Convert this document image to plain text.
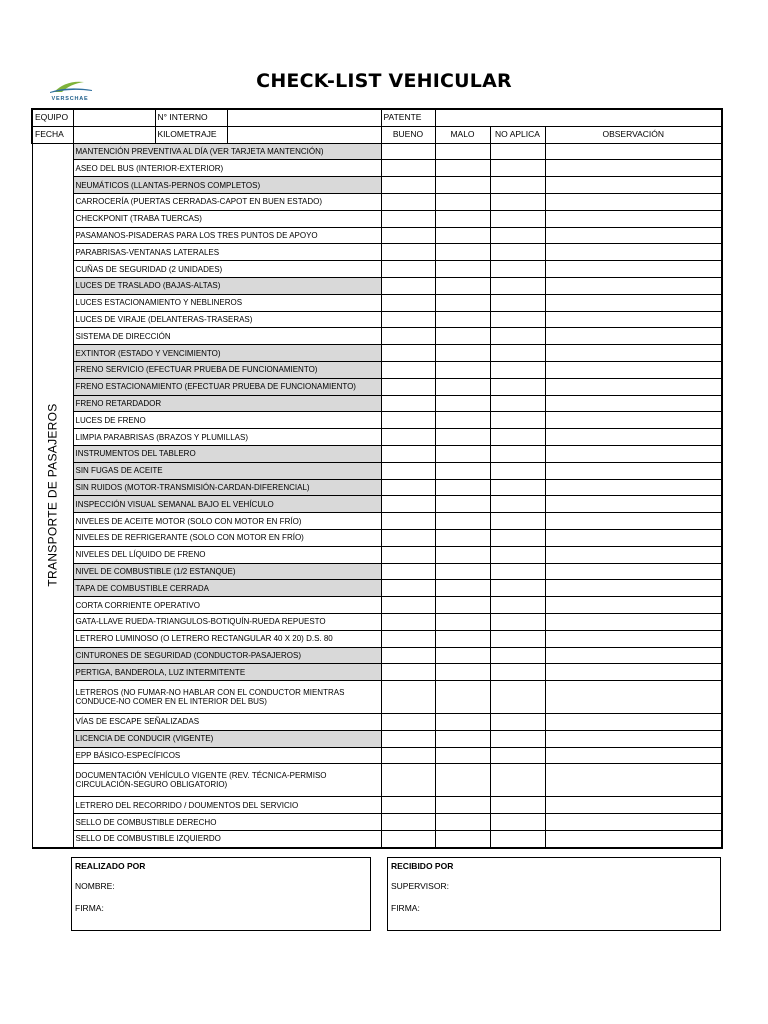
VERSCHAE
CHECK-LIST VEHICULAR
EQUIPO		N° INTERNO		PATENTE			
FECHA		KILOMETRAJE		BUENO	MALO	NO APLICA	OBSERVACIÓN

TRANSPORTE DE PASAJEROS	MANTENCIÓN PREVENTIVA AL DÍA (VER TARJETA MANTENCIÓN)						
	ASEO DEL BUS (INTERIOR-EXTERIOR)						
	NEUMÁTICOS (LLANTAS-PERNOS COMPLETOS)						
	CARROCERÍA (PUERTAS CERRADAS-CAPOT EN BUEN ESTADO)						
	CHECKPONIT (TRABA TUERCAS)						
	PASAMANOS-PISADERAS PARA LOS TRES PUNTOS DE APOYO						
	PARABRISAS-VENTANAS LATERALES						
	CUÑAS DE SEGURIDAD (2 UNIDADES)						
	LUCES DE TRASLADO (BAJAS-ALTAS)						
	LUCES ESTACIONAMIENTO Y NEBLINEROS						
	LUCES DE VIRAJE (DELANTERAS-TRASERAS)						
	SISTEMA DE DIRECCIÓN						
	EXTINTOR (ESTADO Y VENCIMIENTO)						
	FRENO SERVICIO (EFECTUAR PRUEBA DE FUNCIONAMIENTO)						
	FRENO ESTACIONAMIENTO (EFECTUAR PRUEBA DE FUNCIONAMIENTO)						
	FRENO RETARDADOR						
	LUCES DE FRENO						
	LIMPIA PARABRISAS (BRAZOS Y PLUMILLAS)						
	INSTRUMENTOS DEL TABLERO						
	SIN FUGAS DE ACEITE						
	SIN RUIDOS (MOTOR-TRANSMISIÓN-CARDAN-DIFERENCIAL)						
	INSPECCIÓN VISUAL SEMANAL BAJO EL VEHÍCULO						
	NIVELES DE ACEITE MOTOR (SOLO CON MOTOR EN FRÍO)						
	NIVELES DE REFRIGERANTE (SOLO CON MOTOR EN FRÍO)						
	NIVELES DEL LÍQUIDO DE FRENO						
	NIVEL DE COMBUSTIBLE (1/2 ESTANQUE)						
	TAPA DE COMBUSTIBLE CERRADA						
	CORTA CORRIENTE OPERATIVO						
	GATA-LLAVE RUEDA-TRIANGULOS-BOTIQUÍN-RUEDA REPUESTO						
	LETRERO LUMINOSO (O LETRERO RECTANGULAR 40 X 20) D.S. 80						
	CINTURONES DE SEGURIDAD (CONDUCTOR-PASAJEROS)						
	PERTIGA, BANDEROLA, LUZ INTERMITENTE						
	LETREROS (NO FUMAR-NO HABLAR CON EL CONDUCTOR MIENTRAS CONDUCE-NO COMER EN EL INTERIOR DEL BUS)						
	VÍAS DE ESCAPE SEÑALIZADAS						
	LICENCIA DE CONDUCIR (VIGENTE)						
	EPP BÁSICO-ESPECÍFICOS						
	DOCUMENTACIÓN VEHÍCULO VIGENTE (REV. TÉCNICA-PERMISO CIRCULACIÓN-SEGURO OBLIGATORIO)						
	LETRERO DEL RECORRIDO / DOUMENTOS DEL SERVICIO						
	SELLO DE COMBUSTIBLE DERECHO						
	SELLO DE COMBUSTIBLE IZQUIERDO						
REALIZADO POR
NOMBRE:
FIRMA:
RECIBIDO POR
SUPERVISOR:
FIRMA:
